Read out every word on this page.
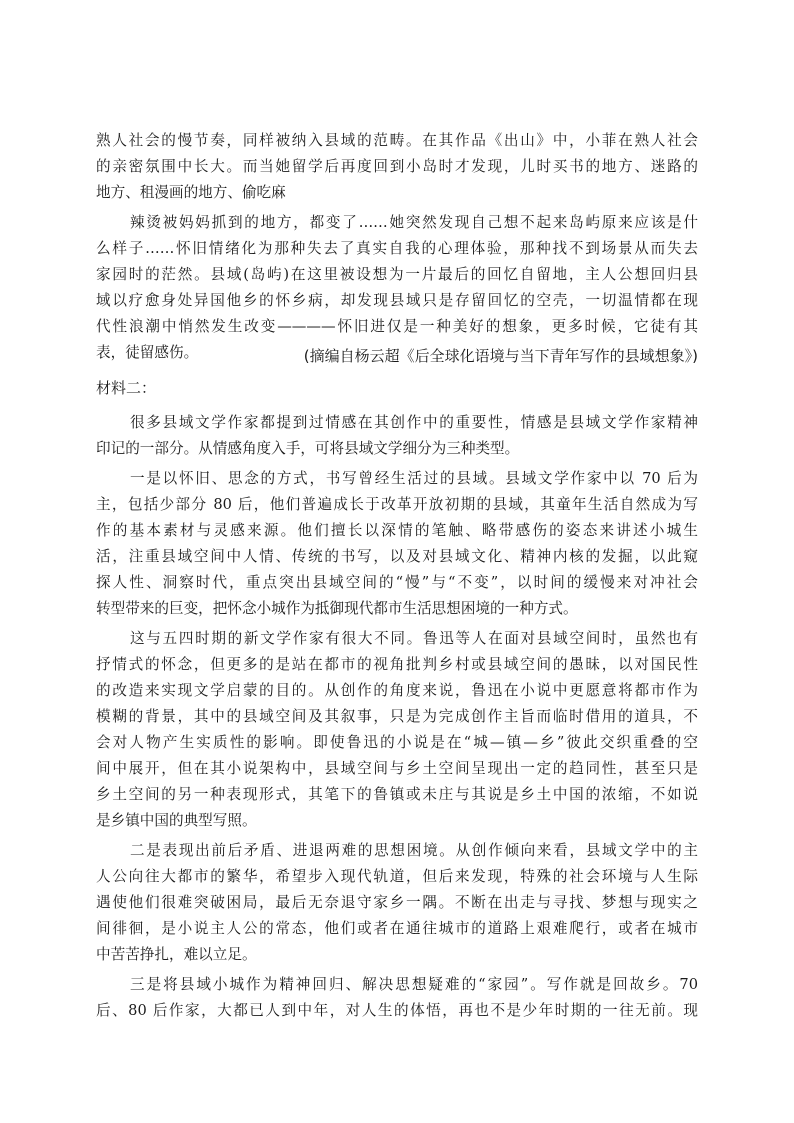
熟人社会的慢节奏，同样被纳入县域的范畴。在其作品《出山》中，小菲在熟人社会
的亲密氛围中长大。而当她留学后再度回到小岛时才发现，儿时买书的地方、迷路的
地方、租漫画的地方、偷吃麻
辣烫被妈妈抓到的地方，都变了……她突然发现自己想不起来岛屿原来应该是什
么样子……怀旧情绪化为那种失去了真实自我的心理体验，那种找不到场景从而失去
家园时的茫然。县域(岛屿)在这里被设想为一片最后的回忆自留地，主人公想回归县
域以疗愈身处异国他乡的怀乡病，却发现县域只是存留回忆的空壳，一切温情都在现
代性浪潮中悄然发生改变————怀旧进仅是一种美好的想象，更多时候，它徒有其
表，徒留感伤。	(摘编自杨云超《后全球化语境与当下青年写作的县域想象》)
材料二：
很多县域文学作家都提到过情感在其创作中的重要性，情感是县域文学作家精神
印记的一部分。从情感角度入手，可将县域文学细分为三种类型。
一是以怀旧、思念的方式，书写曾经生活过的县域。县域文学作家中以 70 后为
主，包括少部分 80 后，他们普遍成长于改革开放初期的县域，其童年生活自然成为写
作的基本素材与灵感来源。他们擅长以深情的笔触、略带感伤的姿态来讲述小城生
活，注重县域空间中人情、传统的书写，以及对县域文化、精神内核的发掘，以此窥
探人性、洞察时代，重点突出县域空间的“慢”与“不变”，以时间的缓慢来对冲社会
转型带来的巨变，把怀念小城作为抵御现代都市生活思想困境的一种方式。
这与五四时期的新文学作家有很大不同。鲁迅等人在面对县域空间时，虽然也有
抒情式的怀念，但更多的是站在都市的视角批判乡村或县域空间的愚昧，以对国民性
的改造来实现文学启蒙的目的。从创作的角度来说，鲁迅在小说中更愿意将都市作为
模糊的背景，其中的县域空间及其叙事，只是为完成创作主旨而临时借用的道具，不
会对人物产生实质性的影响。即使鲁迅的小说是在“城—镇—乡”彼此交织重叠的空
间中展开，但在其小说架构中，县域空间与乡土空间呈现出一定的趋同性，甚至只是
乡土空间的另一种表现形式，其笔下的鲁镇或未庄与其说是乡土中国的浓缩，不如说
是乡镇中国的典型写照。
二是表现出前后矛盾、进退两难的思想困境。从创作倾向来看，县域文学中的主
人公向往大都市的繁华，希望步入现代轨道，但后来发现，特殊的社会环境与人生际
遇使他们很难突破困局，最后无奈退守家乡一隅。不断在出走与寻找、梦想与现实之
间徘徊，是小说主人公的常态，他们或者在通往城市的道路上艰难爬行，或者在城市
中苦苦挣扎，难以立足。
三是将县域小城作为精神回归、解决思想疑难的“家园”。写作就是回故乡。70
后、80 后作家，大都已人到中年，对人生的体悟，再也不是少年时期的一往无前。现
